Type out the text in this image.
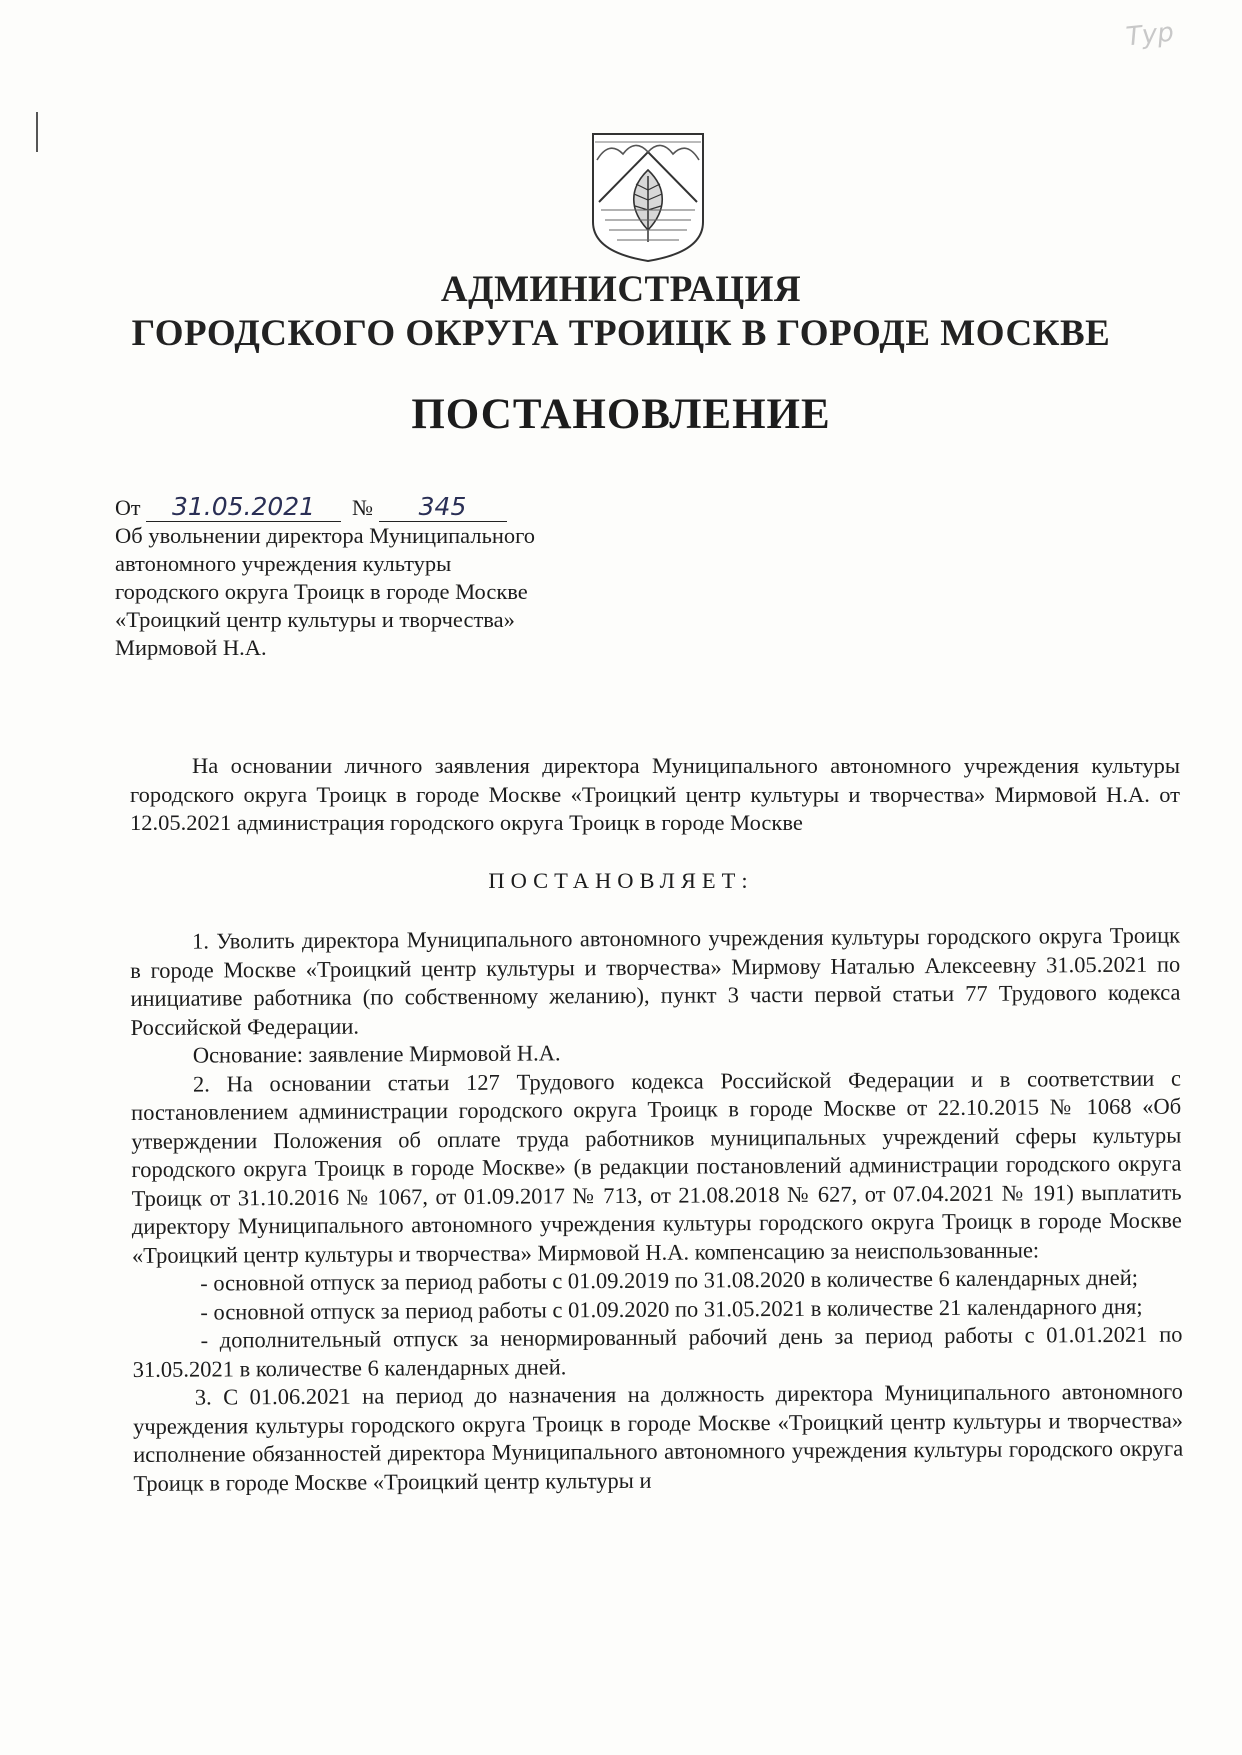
Тур
АДМИНИСТРАЦИЯ
ГОРОДСКОГО ОКРУГА ТРОИЦК В ГОРОДЕ МОСКВЕ
ПОСТАНОВЛЕНИЕ
От 31.05.2021 № 345
Об увольнении директора Муниципального
автономного учреждения культуры
городского округа Троицк в городе Москве
«Троицкий центр культуры и творчества»
Мирмовой Н.А.

На основании личного заявления директора Муниципального автономного учреждения культуры городского округа Троицк в городе Москве «Троицкий центр культуры и творчества» Мирмовой Н.А. от 12.05.2021 администрация городского округа Троицк в городе Москве

ПОСТАНОВЛЯЕТ:

1. Уволить директора Муниципального автономного учреждения культуры городского округа Троицк в городе Москве «Троицкий центр культуры и творчества» Мирмову Наталью Алексеевну 31.05.2021 по инициативе работника (по собственному желанию), пункт 3 части первой статьи 77 Трудового кодекса Российской Федерации.

Основание: заявление Мирмовой Н.А.

2. На основании статьи 127 Трудового кодекса Российской Федерации и в соответствии с постановлением администрации городского округа Троицк в городе Москве от 22.10.2015 № 1068 «Об утверждении Положения об оплате труда работников муниципальных учреждений сферы культуры городского округа Троицк в городе Москве» (в редакции постановлений администрации городского округа Троицк от 31.10.2016 № 1067, от 01.09.2017 № 713, от 21.08.2018 № 627, от 07.04.2021 № 191) выплатить директору Муниципального автономного учреждения культуры городского округа Троицк в городе Москве «Троицкий центр культуры и творчества» Мирмовой Н.А. компенсацию за неиспользованные:

- основной отпуск за период работы с 01.09.2019 по 31.08.2020 в количестве 6 календарных дней;

- основной отпуск за период работы с 01.09.2020 по 31.05.2021 в количестве 21 календарного дня;

- дополнительный отпуск за ненормированный рабочий день за период работы с 01.01.2021 по 31.05.2021 в количестве 6 календарных дней.

3. С 01.06.2021 на период до назначения на должность директора Муниципального автономного учреждения культуры городского округа Троицк в городе Москве «Троицкий центр культуры и творчества» исполнение обязанностей директора Муниципального автономного учреждения культуры городского округа Троицк в городе Москве «Троицкий центр культуры и
